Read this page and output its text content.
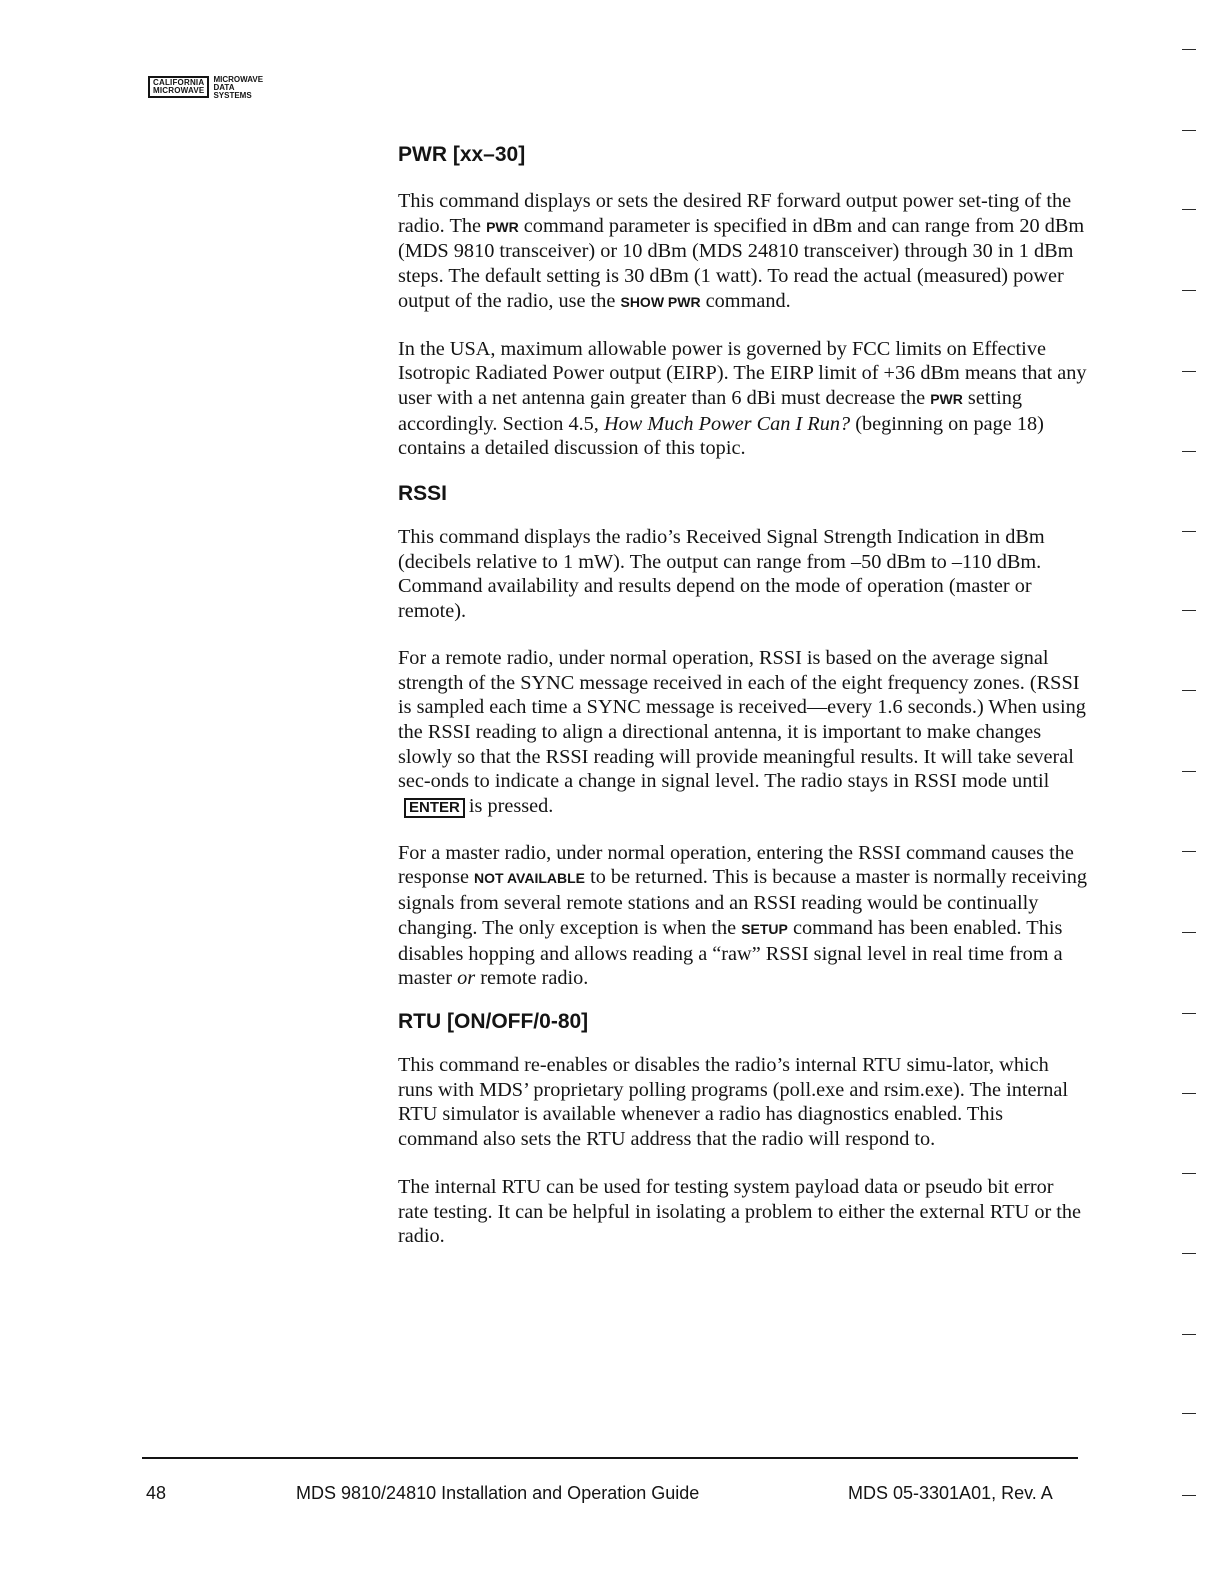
CALIFORNIA
MICROWAVE
MICROWAVE
DATA
SYSTEMS
PWR [xx–30]

This command displays or sets the desired RF forward output power set-ting of the radio. The PWR command parameter is specified in dBm and can range from 20 dBm (MDS 9810 transceiver) or 10 dBm (MDS 24810 transceiver) through 30 in 1 dBm steps. The default setting is 30 dBm (1 watt). To read the actual (measured) power output of the radio, use the SHOW PWR command.

In the USA, maximum allowable power is governed by FCC limits on Effective Isotropic Radiated Power output (EIRP). The EIRP limit of +36 dBm means that any user with a net antenna gain greater than 6 dBi must decrease the PWR setting accordingly. Section 4.5, How Much Power Can I Run? (beginning on page 18) contains a detailed discussion of this topic.

RSSI

This command displays the radio’s Received Signal Strength Indication in dBm (decibels relative to 1 mW). The output can range from –50 dBm to –110 dBm. Command availability and results depend on the mode of operation (master or remote).

For a remote radio, under normal operation, RSSI is based on the average signal strength of the SYNC message received in each of the eight frequency zones. (RSSI is sampled each time a SYNC message is received—every 1.6 seconds.) When using the RSSI reading to align a directional antenna, it is important to make changes slowly so that the RSSI reading will provide meaningful results. It will take several sec-onds to indicate a change in signal level. The radio stays in RSSI mode untilENTER is pressed.

For a master radio, under normal operation, entering the RSSI command causes the response NOT AVAILABLE to be returned. This is because a master is normally receiving signals from several remote stations and an RSSI reading would be continually changing. The only exception is when the SETUP command has been enabled. This disables hopping and allows reading a “raw” RSSI signal level in real time from a master or remote radio.

RTU [ON/OFF/0-80]

This command re-enables or disables the radio’s internal RTU simu-lator, which runs with MDS’ proprietary polling programs (poll.exe and rsim.exe). The internal RTU simulator is available whenever a radio has diagnostics enabled. This command also sets the RTU address that the radio will respond to.

The internal RTU can be used for testing system payload data or pseudo bit error rate testing. It can be helpful in isolating a problem to either the external RTU or the radio.

48	MDS 9810/24810 Installation and Operation Guide	MDS 05-3301A01, Rev. A
